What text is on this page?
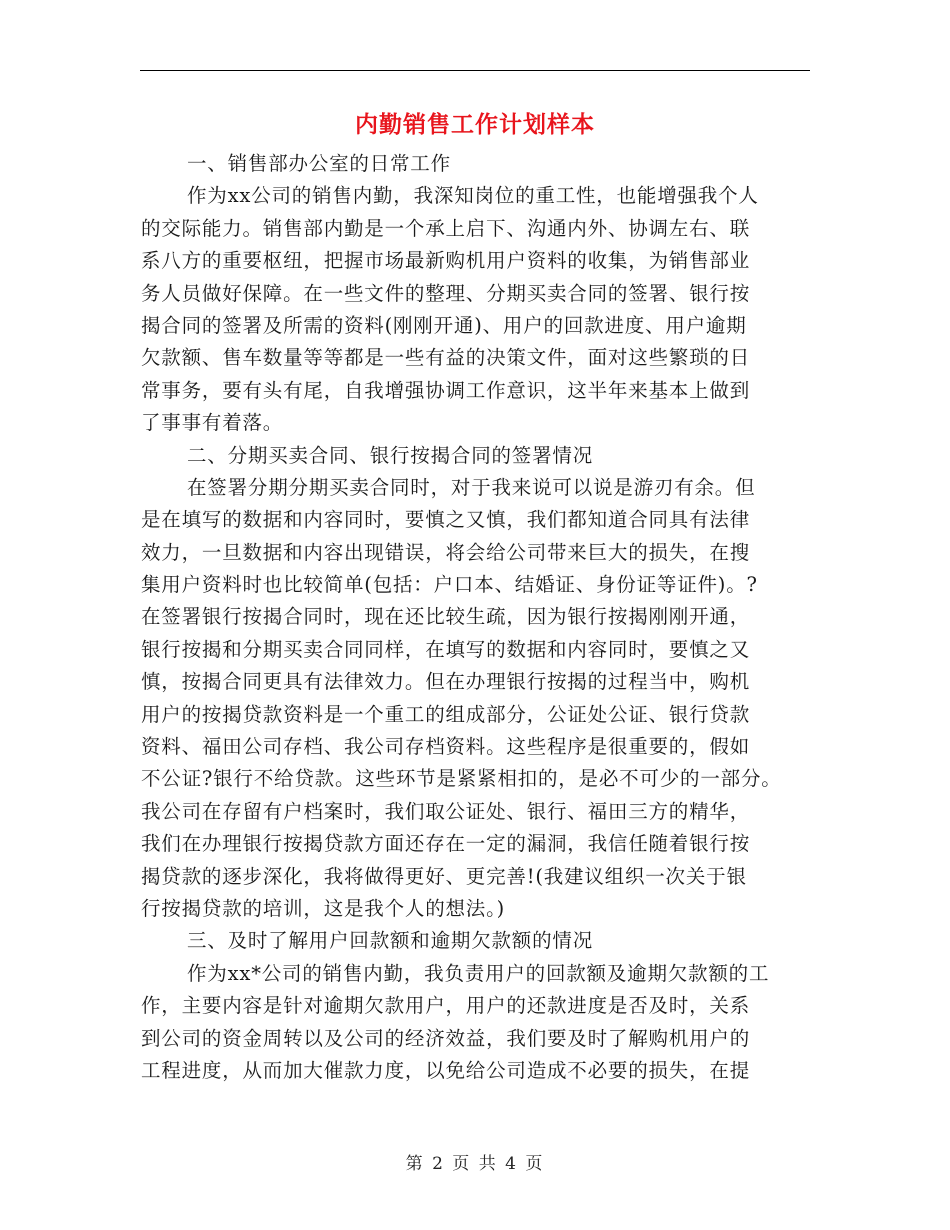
内勤销售工作计划样本
一、销售部办公室的日常工作
作为xx公司的销售内勤，我深知岗位的重工性，也能增强我个人
的交际能力。销售部内勤是一个承上启下、沟通内外、协调左右、联
系八方的重要枢纽，把握市场最新购机用户资料的收集，为销售部业
务人员做好保障。在一些文件的整理、分期买卖合同的签署、银行按
揭合同的签署及所需的资料(刚刚开通)、用户的回款进度、用户逾期
欠款额、售车数量等等都是一些有益的决策文件，面对这些繁琐的日
常事务，要有头有尾，自我增强协调工作意识，这半年来基本上做到
了事事有着落。
二、分期买卖合同、银行按揭合同的签署情况
在签署分期分期买卖合同时，对于我来说可以说是游刃有余。但
是在填写的数据和内容同时，要慎之又慎，我们都知道合同具有法律
效力，一旦数据和内容出现错误，将会给公司带来巨大的损失，在搜
集用户资料时也比较简单(包括：户口本、结婚证、身份证等证件)。?
在签署银行按揭合同时，现在还比较生疏，因为银行按揭刚刚开通，
银行按揭和分期买卖合同同样，在填写的数据和内容同时，要慎之又
慎，按揭合同更具有法律效力。但在办理银行按揭的过程当中，购机
用户的按揭贷款资料是一个重工的组成部分，公证处公证、银行贷款
资料、福田公司存档、我公司存档资料。这些程序是很重要的，假如
不公证?银行不给贷款。这些环节是紧紧相扣的，是必不可少的一部分。
我公司在存留有户档案时，我们取公证处、银行、福田三方的精华，
我们在办理银行按揭贷款方面还存在一定的漏洞，我信任随着银行按
揭贷款的逐步深化，我将做得更好、更完善!(我建议组织一次关于银
行按揭贷款的培训，这是我个人的想法。)
三、及时了解用户回款额和逾期欠款额的情况
作为xx*公司的销售内勤，我负责用户的回款额及逾期欠款额的工
作，主要内容是针对逾期欠款用户，用户的还款进度是否及时，关系
到公司的资金周转以及公司的经济效益，我们要及时了解购机用户的
工程进度，从而加大催款力度，以免给公司造成不必要的损失，在提
第 2 页 共 4 页
